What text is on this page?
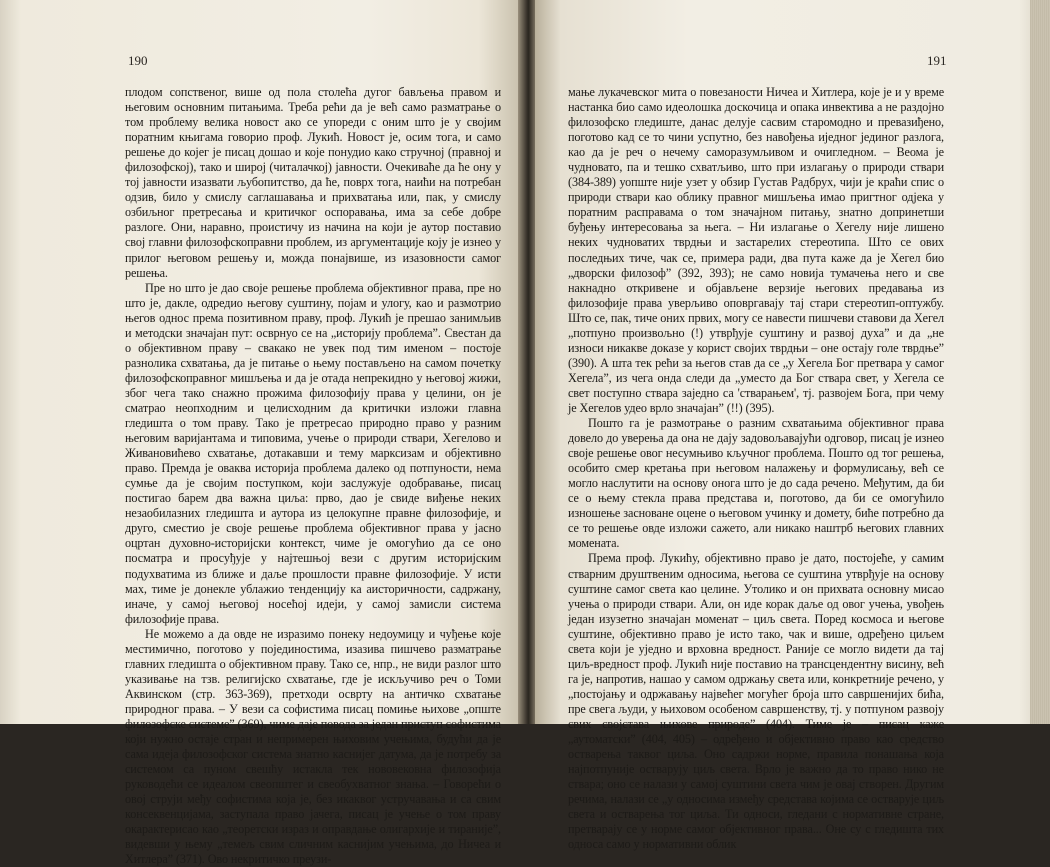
190

плодом сопственог, више од пола столећа дугог бављења правом и његовим основним питањима. Треба рећи да је већ само разматрање о том проблему велика новост ако се упореди с оним што је у својим поратним књигама говорио проф. Лукић. Новост је, осим тога, и само решење до којег је писац дошао и које понудио како стручној (правној и филозофској), тако и широј (читалачкој) јавности. Очекиваће да ће ону у тој јавности изазвати љубопитство, да ће, поврх тога, наићи на потребан одзив, било у смислу саглашавања и прихватања или, пак, у смислу озбиљног претресања и критичког оспоравања, има за себе добре разлоге. Они, наравно, проистичу из начина на који је аутор поставио свој главни филозофскоправни проблем, из аргументације коју је изнео у прилог његовом решењу и, можда понајвише, из изазовности самог решења.

Пре но што је дао своје решење проблема објективног права, пре но што је, дакле, одредио његову суштину, појам и улогу, као и размотрио његов однос према позитивном праву, проф. Лукић је прешао занимљив и методски значајан пут: осврнуо се на „историју проблема”. Свестан да о објективном праву – свакако не увек под тим именом – постоје разнолика схватања, да је питање о њему постављено на самом почетку филозофскоправног мишљења и да је отада непрекидно у његовој жижи, због чега тако снажно прожима филозофију права у целини, он је сматрао неопходним и целисходним да критички изложи главна гледишта о том праву. Тако је претресао природно право у разним његовим варијантама и типовима, учење о природи ствари, Хегелово и Живановићево схватање, дотакавши и тему марксизам и објективно право. Премда је оваква историја проблема далеко од потпуности, нема сумње да је својим поступком, који заслужује одобравање, писац постигао барем два важна циља: прво, дао је свиде виђење неких незаобилазних гледишта и аутора из целокупне правне филозофије, и друго, сместио је своје решење проблема објективног права у јасно оцртан духовно-историјски контекст, чиме је омогућио да се оно посматра и просуђује у најтешњој вези с другим историјским подухватима из ближе и даље прошлости правне филозофије. У исти мах, тиме је донекле ублажио тенденцију ка аисторичности, садржану, иначе, у самој његовој носећој идеји, у самој замисли система филозофије права.

Не можемо а да овде не изразимо понеку недоумицу и чуђење које местимично, поготово у појединостима, изазива пишчево разматрање главних гледишта о објективном праву. Тако се, нпр., не види разлог што указивање на тзв. религијско схватање, где је искључиво реч о Томи Аквинском (стр. 363-369), претходи осврту на античко схватање природног права. – У вези са софистима писац помиње њихове „опште филозофске системе” (369), чиме даје повода за један приступ софистима који нужно остаје стран и непримерен њиховим учењима, будући да је сама идеја филозофског система знатно каснијег датума, да је потребу за системом са пуном свешћу истакла тек нововековна филозофија руководећи се идеалом свеопштег и свеобухватног знања. – Говорећи о овој струји међу софистима која је, без икаквог устручавања и са свим консеквенцијама, заступала право јачега, писац је учење о том праву окарактерисао као „теоретски израз и оправдање олигархије и тираније”, видевши у њему „темељ свим сличним каснијим учењима, до Ничеа и Хитлера” (371). Ово некритичко преузи-

191

мање лукачевског мита о повезаности Ничеа и Хитлера, које је и у време настанка био само идеолошка доскочица и опака инвектива а не раздојно филозофско гледиште, данас делује сасвим старомодно и превазиђено, поготово кад се то чини успутно, без навођења иједног јединог разлога, као да је реч о нечему саморазумљивом и очигледном. – Веома је чудновато, па и тешко схватљиво, што при излагању о природи ствари (384-389) уопште није узет у обзир Густав Радбрух, чији је краћи спис о природи ствари као облику правног мишљења имао пригтног одјека у поратним расправама о том значајном питању, знатно допринетши буђењу интересовања за њега. – Ни излагање о Хегелу није лишено неких чудноватих тврдњи и застарелих стереотипа. Што се ових последњих тиче, чак се, примера ради, два пута каже да је Хегел био „дворски филозоф” (392, 393); не само новија тумачења него и све накнадно откривене и објављене верзије његових предавања из филозофије права уверљиво оповргавају тај стари стереотип-оптужбу. Што се, пак, тиче оних првих, могу се навести пишчеви ставови да Хегел „потпуно произвољно (!) утврђује суштину и развој духа” и да „не износи никакве доказе у корист својих тврдњи – оне остају голе тврдње” (390). А шта тек рећи за његов став да се „у Хегела Бог претвара у самог Хегела”, из чега онда следи да „уместо да Бог ствара свет, у Хегела се свет поступно ствара заједно са 'стварањем', тј. развојем Бога, при чему је Хегелов удео врло значајан” (!!) (395).

Пошто га је размотрање о разним схватањима објективног права довело до уверења да она не дају задовољавајући одговор, писац је изнео своје решење овог несумњиво кључног проблема. Пошто од тог решења, особито смер кретања при његовом налажењу и формулисању, већ се могло наслутити на основу онога што је до сада речено. Међутим, да би се о њему стекла права представа и, поготово, да би се омогућило изношење заснованe оцене о његовом учинку и домету, биће потребно да се то решење овде изложи сажето, али никако наштрб његових главних момената.

Према проф. Лукићу, објективно право је дато, постојеће, у самим стварним друштвеним односима, његова се суштина утврђује на основу суштине самог света као целине. Утолико и он прихвата основну мисао учења о природи ствари. Али, он иде корак даље од овог учења, увођењ један изузетно значајан моменат – циљ света. Поред космоса и његове суштине, објективно право је исто тако, чак и више, одређено циљем света који је уједно и врховна вредност. Раније се могло видети да тај циљ-вредност проф. Лукић није поставио на трансцендентну висину, већ га је, напротив, нашао у самом одржању света или, конкретније речено, у „постојању и одржавању највећег могућег броја што савршенијих бића, пре свега људи, у њиховом особеном савршенству, тј. у потпуном развоју свих својстава њихове природе” (404). Тиме је – писац каже „аутоматски” (404, 405) – одређено и објективно право као средство остварења таквог циља. Оно садржи норме, правила понашања која најпотпуније остварују циљ света. Врло је важно да то право нико не ствара; оно се налази у самој суштини света чим је овај створен. Другим речима, налази се „у односима између средстава којима се остварује циљ света и остварења тог циља. Ти односи, гледани с нормативне стране, претварају се у норме самог објективног права... Оне су с гледишта тих односа само у нормативни облик
